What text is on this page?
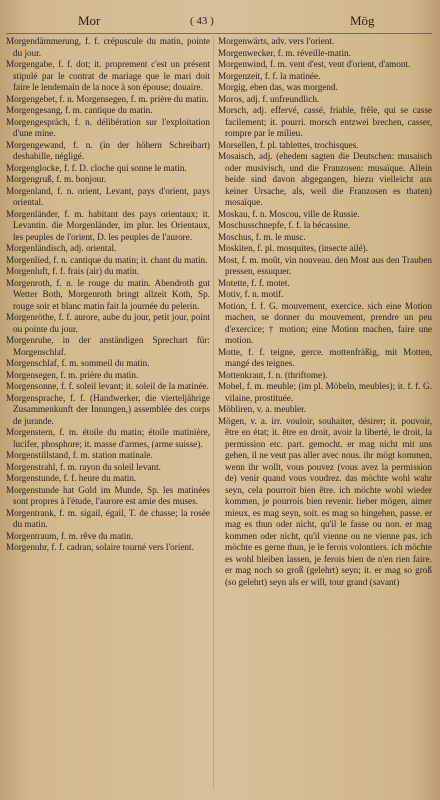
Mor	( 43 )	Mög

Morgendämmerung, f. f. crépuscule du matin, pointe du jour.

Morgengabe, f. f. dot; it. proprement c'est un présent stipulé par le contrat de mariage que le mari doit faire le lendemain de la noce à son épouse; douaire.

Morgengebet, f. n. Morgensegen, f. m. prière du matin.

Morgengesang, f. m. cantique du matin.

Morgengespräch, f. n. délibération sur l'exploitation d'une mine.

Morgengewand, f. n. (in der höhern Schreibart) deshabille, négligé.

Morgenglocke, f. f. D. cloche qui sonne le matin.

Morgengruß, f. m. bonjour.

Morgenland, f. n. orient, Levant, pays d'orient, pays oriental.

Morgenländer, f. m. habitant des pays orientaux; it. Levantin. die Morgenländer, im plur. les Orientaux, les peuples de l'orient, D. les peuples de l'aurore.

Morgenländisch, adj. oriental.

Morgenlied, f. n. cantique du matin; it. chant du matin.

Morgenluft, f. f. frais (air) du matin.

Morgenroth, f. n. le rouge du matin. Abendroth gut Wetter Both, Morgenroth bringt allzeit Koth, Sp. rouge soir et blanc matin fait la journée du pelerin.

Morgenröthe, f. f. aurore, aube du jour, petit jour, point ou pointe du jour.

Morgenruhe, in der anständigen Sprechart für: Morgenschlaf.

Morgenschlaf, f. m. sommeil du matin.

Morgensegen, f. m. prière du matin.

Morgensonne, f. f. soleil levant; it. soleil de la matinée.

Morgensprache, f. f. (Handwerker, die vierteljährige Zusammenkunft der Innungen,) assemblée des corps de jurande.

Morgenstern, f. m. étoile du matin; étoile matinière, lucifer, phosphore; it. masse d'armes, (arme suisse).

Morgenstillstand, f. m. station matinale.

Morgenstrahl, f. m. rayon du soleil levant.

Morgenstunde, f. f. heure du matin.

Morgenstunde hat Gold im Munde, Sp. les matinées sont propres à l'étude, l'aurore est amie des muses.

Morgentrank, f. m. sigail, égail, T. de chasse; la rosée du matin.

Morgentraum, f. m. rêve du matin.

Morgenuhr, f. f. cadran, solaire tourné vers l'orient.

Morgenwärts, adv. vers l'orient.

Morgenwecker, f. m. réveille-matin.

Morgenwind, f. m. vent d'est, vent d'orient, d'amont.

Morgenzeit, f. f. la matinée.

Morgig, eben das, was morgend.

Moros, adj. f. unfreundlich.

Morsch, adj. effervé, cassé, friable, frêle, qui se casse facilement; it. pourri. morsch entzwei brechen, casser, rompre par le milieu.

Morsellen, f. pl. tablettes, trochisques.

Mosaisch, adj. (ehedem sagten die Deutschen: musaisch oder musivisch, und die Franzosen: musaïque. Allein beide sind davon abgegangen, hiezu vielleicht aus keiner Ursache, als, weil die Franzosen es thaten) mosaïque.

Moskau, f. n. Moscou, ville de Russie.

Moschusschnepfe, f. f. la bécassine.

Moschus, f. m. le musc.

Moskiten, f. pl. mosquites, (insecte ailé).

Most, f. m. moût, vin nouveau. den Most aus den Trauben pressen, essuquer.

Motette, f. f. motet.

Motiv, f. n. motif.

Motion, f. f. G. mouvement, exercice. sich eine Motion machen, se donner du mouvement, prendre un peu d'exercice; † motion; eine Motion machen, faire une motion.

Motte, f. f. teigne, gerce. mottenfräßig, mit Motten, mangé des teignes.

Mottenkraut, f. n. (thriftome).

Mobel, f. m. meuble; (im pl. Möbeln, meubles); it. f. f. G. vilaine, prostituée.

Möbliren, v. a. meubler.

Mögen, v. a. irr. vouloir, souhaiter, désirer; it. pouvoir, être en état; it. être en droit, avoir la liberté, le droit, la permission etc. part. gemocht. er mag nicht mit uns gehen, il ne veut pas aller avec nous. ihr mögt kommen, wenn ihr wollt, vous pouvez (vous avez la permission de) venir quand vous voudrez. das möchte wohl wahr seyn, cela pourroit bien être. ich möchte wohl wieder kommen, je pourrois bien revenir. lieber mögen, aimer mieux, es mag seyn, soit. es mag so hingehen, passe. er mag es thun oder nicht, qu'il le fasse ou non. er mag kommen oder nicht, qu'il vienne ou ne vienne pas. ich möchte es gerne thun, je le ferois volontiers. ich möchte es wohl bleiben lassen, je ferois bien de n'en rien faire. er mag noch so groß (gelehrt) seyn; it. er mag so groß (so gelehrt) seyn als er will, tour grand (savant)
